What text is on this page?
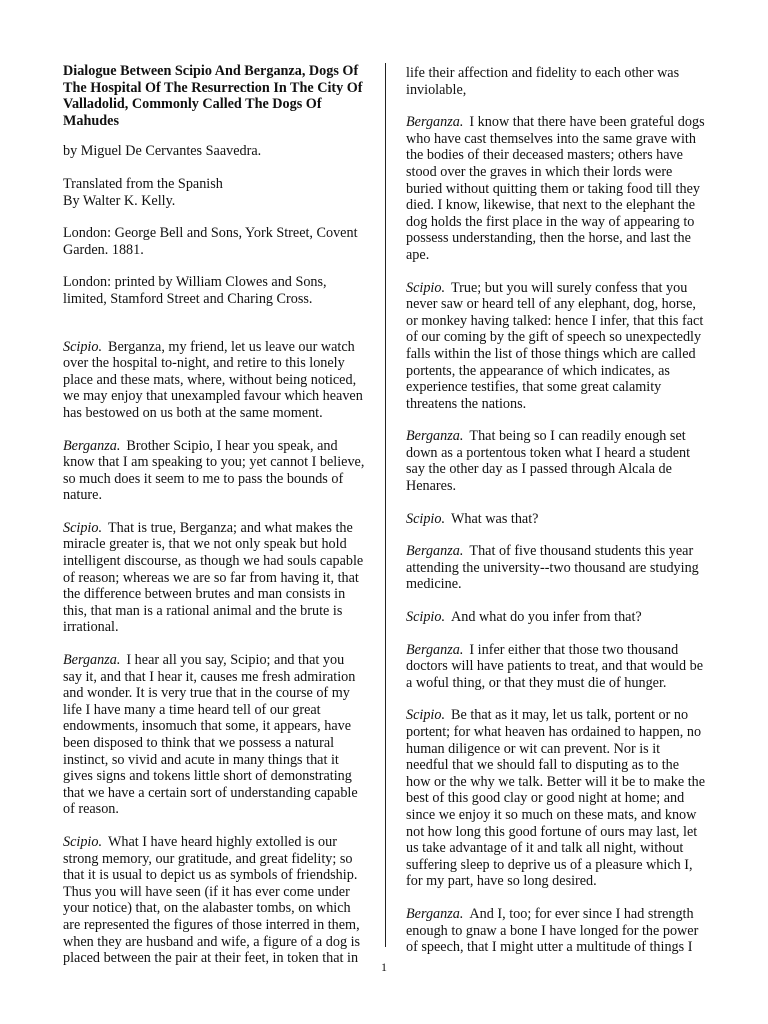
Dialogue Between Scipio And Berganza, Dogs Of The Hospital Of The Resurrection In The City Of Valladolid, Commonly Called The Dogs Of Mahudes

by Miguel De Cervantes Saavedra.

Translated from the Spanish
By Walter K. Kelly.

London: George Bell and Sons, York Street, Covent Garden. 1881.

London: printed by William Clowes and Sons, limited, Stamford Street and Charing Cross.

Scipio. Berganza, my friend, let us leave our watch over the hospital to-night, and retire to this lonely place and these mats, where, without being noticed, we may enjoy that unexampled favour which heaven has bestowed on us both at the same moment.

Berganza. Brother Scipio, I hear you speak, and know that I am speaking to you; yet cannot I believe, so much does it seem to me to pass the bounds of nature.

Scipio. That is true, Berganza; and what makes the miracle greater is, that we not only speak but hold intelligent discourse, as though we had souls capable of reason; whereas we are so far from having it, that the difference between brutes and man consists in this, that man is a rational animal and the brute is irrational.

Berganza. I hear all you say, Scipio; and that you say it, and that I hear it, causes me fresh admiration and wonder. It is very true that in the course of my life I have many a time heard tell of our great endowments, insomuch that some, it appears, have been disposed to think that we possess a natural instinct, so vivid and acute in many things that it gives signs and tokens little short of demonstrating that we have a certain sort of understanding capable of reason.

Scipio. What I have heard highly extolled is our strong memory, our gratitude, and great fidelity; so that it is usual to depict us as symbols of friendship. Thus you will have seen (if it has ever come under your notice) that, on the alabaster tombs, on which are represented the figures of those interred in them, when they are husband and wife, a figure of a dog is placed between the pair at their feet, in token that in

life their affection and fidelity to each other was inviolable,

Berganza. I know that there have been grateful dogs who have cast themselves into the same grave with the bodies of their deceased masters; others have stood over the graves in which their lords were buried without quitting them or taking food till they died. I know, likewise, that next to the elephant the dog holds the first place in the way of appearing to possess understanding, then the horse, and last the ape.

Scipio. True; but you will surely confess that you never saw or heard tell of any elephant, dog, horse, or monkey having talked: hence I infer, that this fact of our coming by the gift of speech so unexpectedly falls within the list of those things which are called portents, the appearance of which indicates, as experience testifies, that some great calamity threatens the nations.

Berganza. That being so I can readily enough set down as a portentous token what I heard a student say the other day as I passed through Alcala de Henares.

Scipio. What was that?

Berganza. That of five thousand students this year attending the university--two thousand are studying medicine.

Scipio. And what do you infer from that?

Berganza. I infer either that those two thousand doctors will have patients to treat, and that would be a woful thing, or that they must die of hunger.

Scipio. Be that as it may, let us talk, portent or no portent; for what heaven has ordained to happen, no human diligence or wit can prevent. Nor is it needful that we should fall to disputing as to the how or the why we talk. Better will it be to make the best of this good clay or good night at home; and since we enjoy it so much on these mats, and know not how long this good fortune of ours may last, let us take advantage of it and talk all night, without suffering sleep to deprive us of a pleasure which I, for my part, have so long desired.

Berganza. And I, too; for ever since I had strength enough to gnaw a bone I have longed for the power of speech, that I might utter a multitude of things I

1
